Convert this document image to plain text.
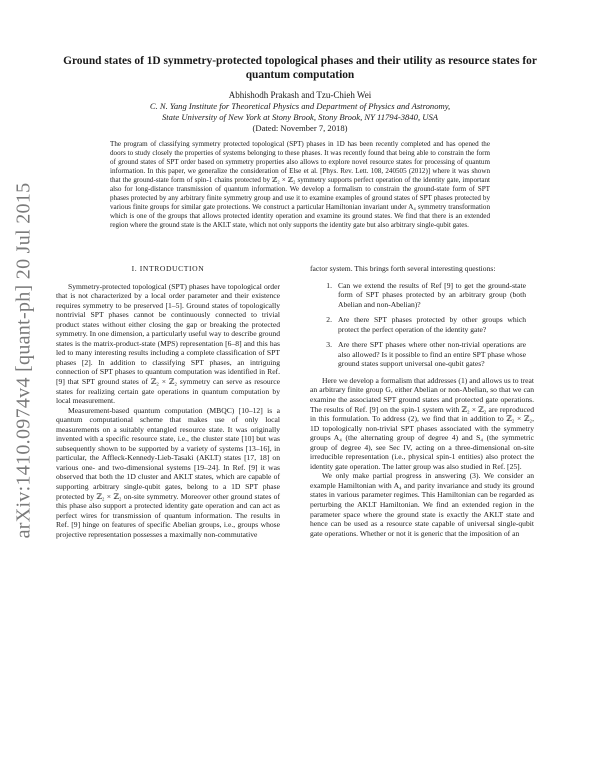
arXiv:1410.0974v4 [quant-ph] 20 Jul 2015
Ground states of 1D symmetry-protected topological phases and their utility as resource states for quantum computation
Abhishodh Prakash and Tzu-Chieh Wei
C. N. Yang Institute for Theoretical Physics and Department of Physics and Astronomy,
State University of New York at Stony Brook, Stony Brook, NY 11794-3840, USA
(Dated: November 7, 2018)

The program of classifying symmetry protected topological (SPT) phases in 1D has been recently completed and has opened the doors to study closely the properties of systems belonging to these phases. It was recently found that being able to constrain the form of ground states of SPT order based on symmetry properties also allows to explore novel resource states for processing of quantum information. In this paper, we generalize the consideration of Else et al. [Phys. Rev. Lett. 108, 240505 (2012)] where it was shown that the ground-state form of spin-1 chains protected by ℤ₂ × ℤ₂ symmetry supports perfect operation of the identity gate, important also for long-distance transmission of quantum information. We develop a formalism to constrain the ground-state form of SPT phases protected by any arbitrary finite symmetry group and use it to examine examples of ground states of SPT phases protected by various finite groups for similar gate protections. We construct a particular Hamiltonian invariant under A₄ symmetry transformation which is one of the groups that allows protected identity operation and examine its ground states. We find that there is an extended region where the ground state is the AKLT state, which not only supports the identity gate but also arbitrary single-qubit gates.

I. INTRODUCTION

Symmetry-protected topological (SPT) phases have topological order that is not characterized by a local order parameter and their existence requires symmetry to be preserved [1–5]. Ground states of topologically nontrivial SPT phases cannot be continuously connected to trivial product states without either closing the gap or breaking the protected symmetry. In one dimension, a particularly useful way to describe ground states is the matrix-product-state (MPS) representation [6–8] and this has led to many interesting results including a complete classification of SPT phases [2]. In addition to classifying SPT phases, an intriguing connection of SPT phases to quantum computation was identified in Ref. [9] that SPT ground states of ℤ₂ × ℤ₂ symmetry can serve as resource states for realizing certain gate operations in quantum computation by local measurement.

Measurement-based quantum computation (MBQC) [10–12] is a quantum computational scheme that makes use of only local measurements on a suitably entangled resource state. It was originally invented with a specific resource state, i.e., the cluster state [10] but was subsequently shown to be supported by a variety of systems [13–16], in particular, the Affleck-Kennedy-Lieb-Tasaki (AKLT) states [17, 18] on various one- and two-dimensional systems [19–24]. In Ref. [9] it was observed that both the 1D cluster and AKLT states, which are capable of supporting arbitrary single-qubit gates, belong to a 1D SPT phase protected by ℤ₂ × ℤ₂ on-site symmetry. Moreover other ground states of this phase also support a protected identity gate operation and can act as perfect wires for transmission of quantum information. The results in Ref. [9] hinge on features of specific Abelian groups, i.e., groups whose projective representation possesses a maximally non-commutative

factor system. This brings forth several interesting questions:

1. Can we extend the results of Ref [9] to get the ground-state form of SPT phases protected by an arbitrary group (both Abelian and non-Abelian)?
2. Are there SPT phases protected by other groups which protect the perfect operation of the identity gate?
3. Are there SPT phases where other non-trivial operations are also allowed? Is it possible to find an entire SPT phase whose ground states support universal one-qubit gates?

Here we develop a formalism that addresses (1) and allows us to treat an arbitrary finite group G, either Abelian or non-Abelian, so that we can examine the associated SPT ground states and protected gate operations. The results of Ref. [9] on the spin-1 system with ℤ₂ × ℤ₂ are reproduced in this formulation. To address (2), we find that in addition to ℤ₂ × ℤ₂, 1D topologically non-trivial SPT phases associated with the symmetry groups A₄ (the alternating group of degree 4) and S₄ (the symmetric group of degree 4), see Sec IV, acting on a three-dimensional on-site irreducible representation (i.e., physical spin-1 entities) also protect the identity gate operation. The latter group was also studied in Ref. [25].

We only make partial progress in answering (3). We consider an example Hamiltonian with A₄ and parity invariance and study its ground states in various parameter regimes. This Hamiltonian can be regarded as perturbing the AKLT Hamiltonian. We find an extended region in the parameter space where the ground state is exactly the AKLT state and hence can be used as a resource state capable of universal single-qubit gate operations. Whether or not it is generic that the imposition of an
